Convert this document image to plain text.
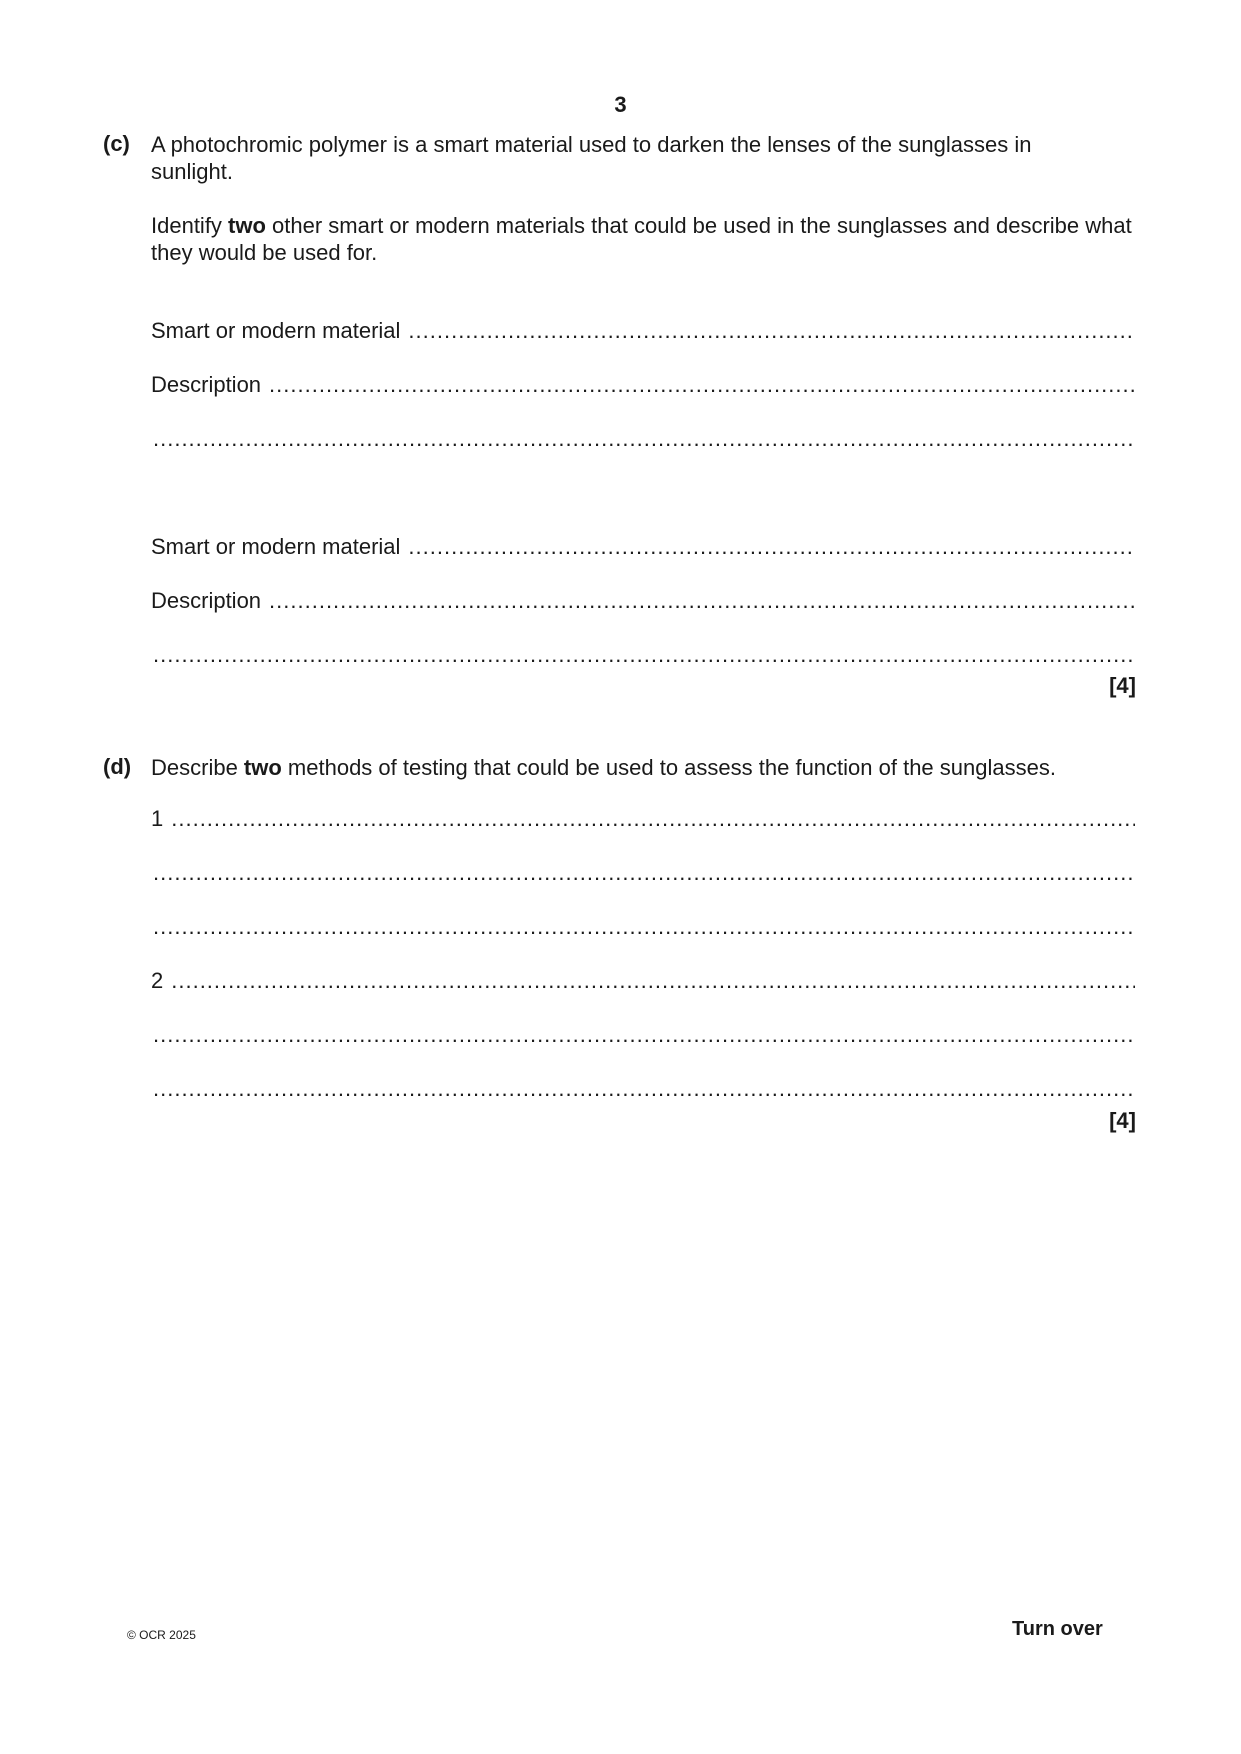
3
(c) A photochromic polymer is a smart material used to darken the lenses of the sunglasses in sunlight.
Identify two other smart or modern materials that could be used in the sunglasses and describe what they would be used for.
Smart or modern material
.....
Description
.....
.....
Smart or modern material
.....
Description
.....
.....
[4]
(d) Describe two methods of testing that could be used to assess the function of the sunglasses.
1
.....
.....
.....
2
.....
.....
.....
[4]
© OCR 2025	Turn over
